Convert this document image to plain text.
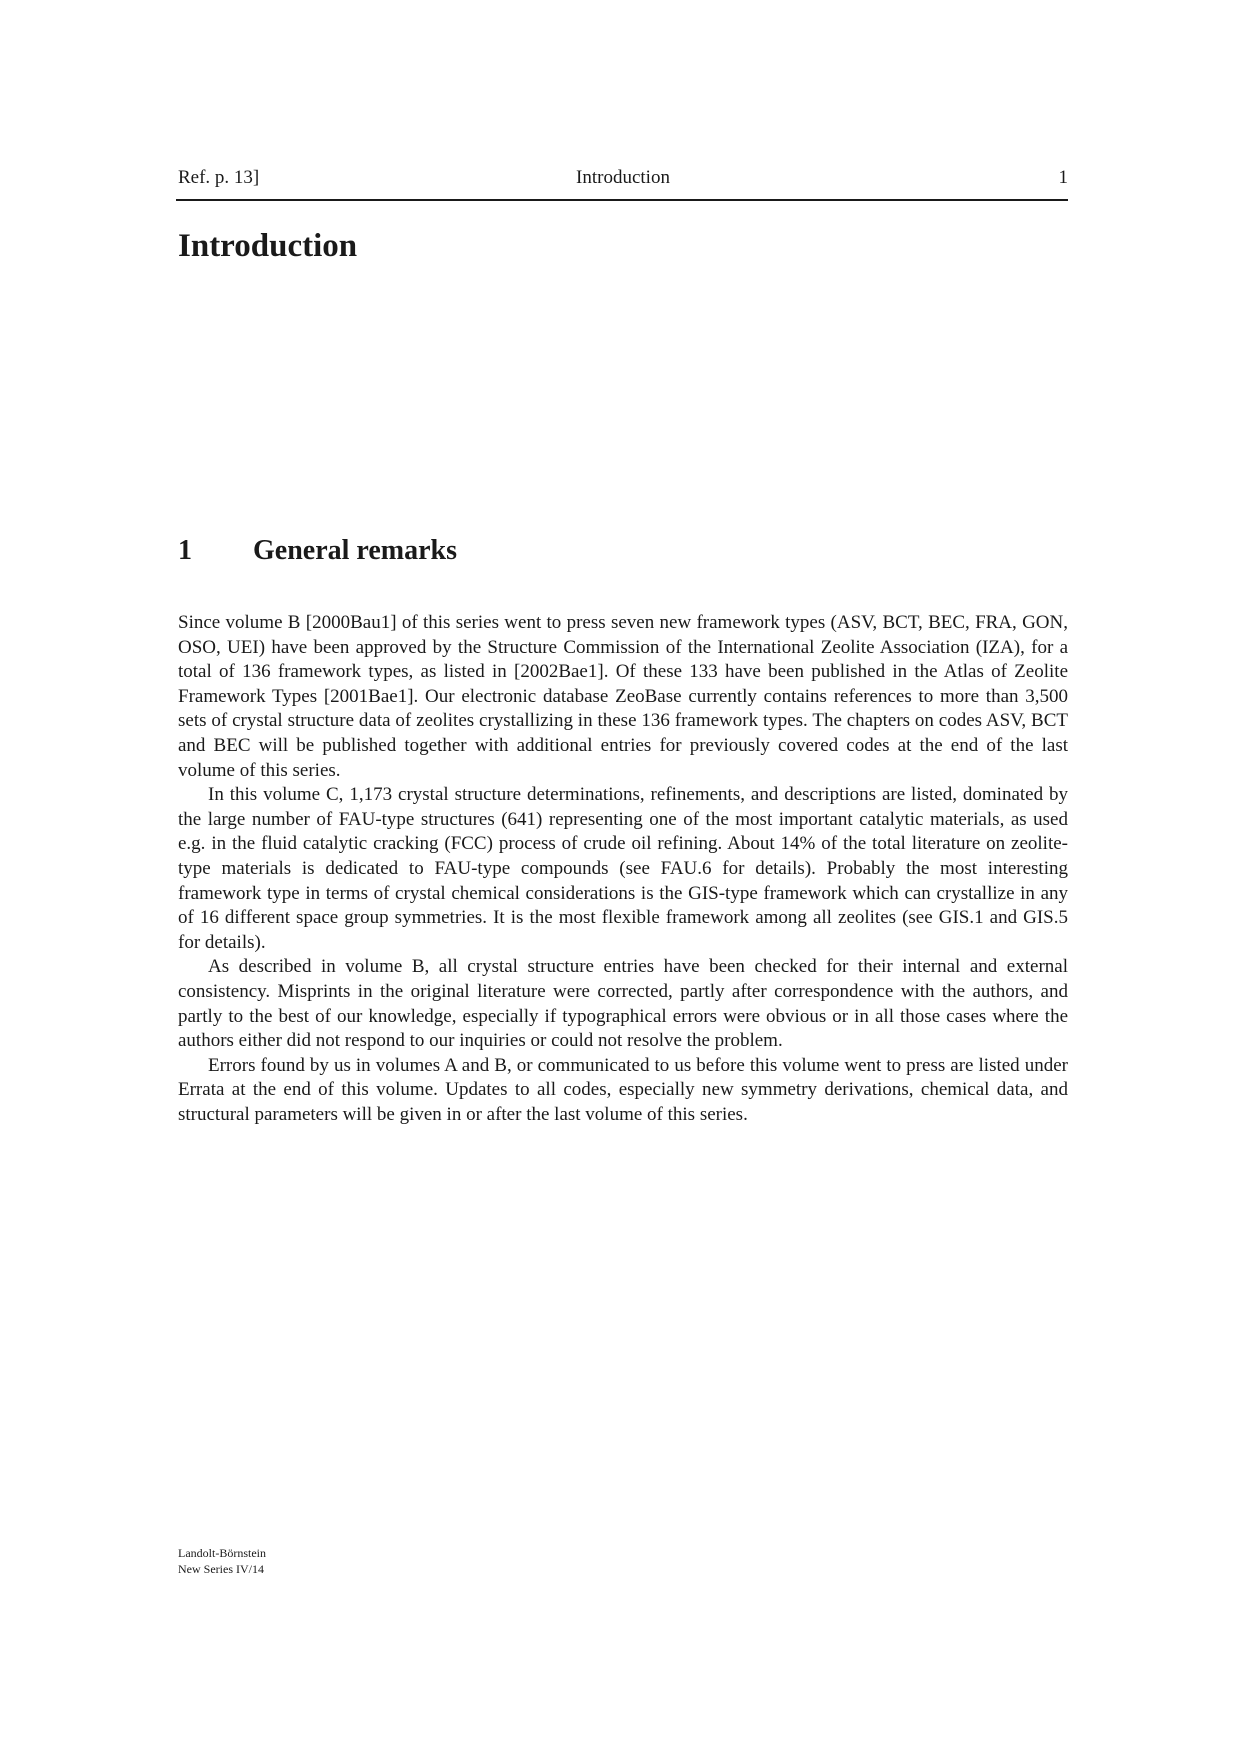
Ref. p. 13]	Introduction	1
Introduction
1 General remarks

Since volume B [2000Bau1] of this series went to press seven new framework types (ASV, BCT, BEC, FRA, GON, OSO, UEI) have been approved by the Structure Commission of the International Zeolite Association (IZA), for a total of 136 framework types, as listed in [2002Bae1]. Of these 133 have been published in the Atlas of Zeolite Framework Types [2001Bae1]. Our electronic database ZeoBase currently contains references to more than 3,500 sets of crystal structure data of zeolites crystallizing in these 136 framework types. The chapters on codes ASV, BCT and BEC will be published together with additional entries for previously covered codes at the end of the last volume of this series.

In this volume C, 1,173 crystal structure determinations, refinements, and descriptions are listed, dominated by the large number of FAU-type structures (641) representing one of the most important catalytic materials, as used e.g. in the fluid catalytic cracking (FCC) process of crude oil refining. About 14% of the total literature on zeolite-type materials is dedicated to FAU-type compounds (see FAU.6 for details). Probably the most interesting framework type in terms of crystal chemical considerations is the GIS-type framework which can crystallize in any of 16 different space group symmetries. It is the most flexible framework among all zeolites (see GIS.1 and GIS.5 for details).

As described in volume B, all crystal structure entries have been checked for their internal and external consistency. Misprints in the original literature were corrected, partly after correspondence with the authors, and partly to the best of our knowledge, especially if typographical errors were obvious or in all those cases where the authors either did not respond to our inquiries or could not resolve the problem.

Errors found by us in volumes A and B, or communicated to us before this volume went to press are listed under Errata at the end of this volume. Updates to all codes, especially new symmetry derivations, chemical data, and structural parameters will be given in or after the last volume of this series.

Landolt-Börnstein
New Series IV/14
